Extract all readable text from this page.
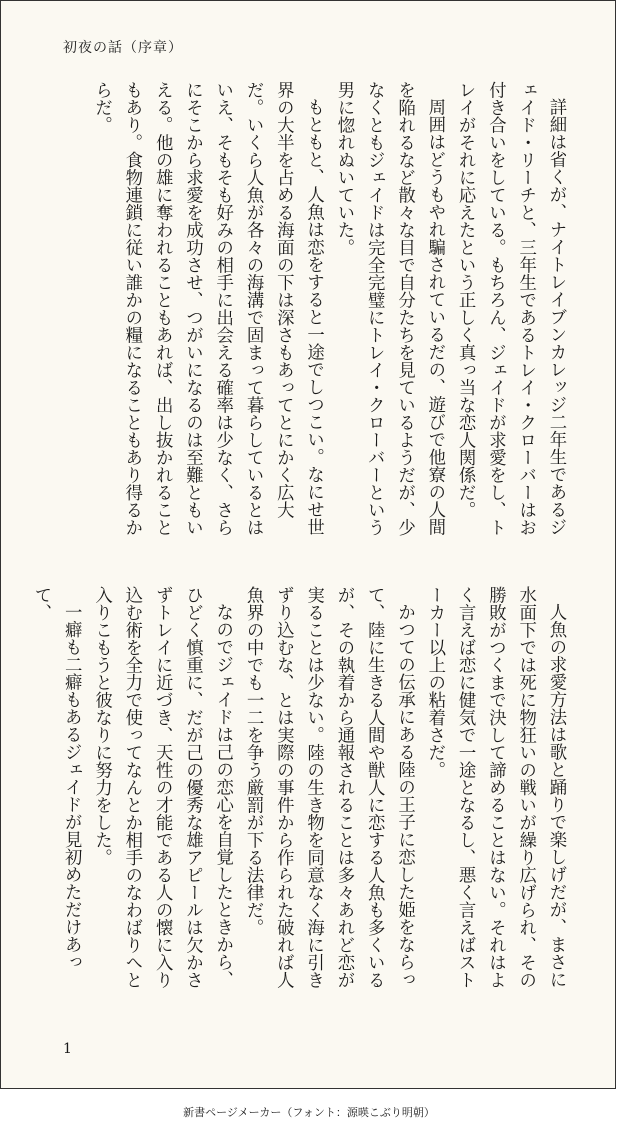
初夜の話（序章）

詳細は省くが、ナイトレイブンカレッジ二年生であるジェイド・リーチと、三年生であるトレイ・クローバーはお付き合いをしている。もちろん、ジェイドが求愛をし、トレイがそれに応えたという正しく真っ当な恋人関係だ。

周囲はどうもやれ騙されているだの、遊びで他寮の人間を陥れるなど散々な目で自分たちを見ているようだが、少なくともジェイドは完全完璧にトレイ・クローバーという男に惚れぬいていた。

もともと、人魚は恋をすると一途でしつこい。なにせ世界の大半を占める海面の下は深さもあってとにかく広大だ。いくら人魚が各々の海溝で固まって暮らしているとはいえ、そもそも好みの相手に出会える確率は少なく、さらにそこから求愛を成功させ、つがいになるのは至難ともいえる。他の雄に奪われることもあれば、出し抜かれることもあり。食物連鎖に従い誰かの糧になることもあり得るからだ。

人魚の求愛方法は歌と踊りで楽しげだが、まさに水面下では死に物狂いの戦いが繰り広げられ、その勝敗がつくまで決して諦めることはない。それはよく言えば恋に健気で一途となるし、悪く言えばストーカー以上の粘着さだ。

かつての伝承にある陸の王子に恋した姫をならって、陸に生きる人間や獣人に恋する人魚も多くいるが、その執着から通報されることは多々あれど恋が実ることは少ない。陸の生き物を同意なく海に引きずり込むな、とは実際の事件から作られた破れば人魚界の中でも一二を争う厳罰が下る法律だ。

なのでジェイドは己の恋心を自覚したときから、ひどく慎重に、だが己の優秀な雄アピールは欠かさずトレイに近づき、天性の才能である人の懐に入り込む術を全力で使ってなんとか相手のなわばりへと入りこもうと彼なりに努力をした。

一癖も二癖もあるジェイドが見初めただけあって、

1
新書ページメーカー（フォント：源暎こぶり明朝）
